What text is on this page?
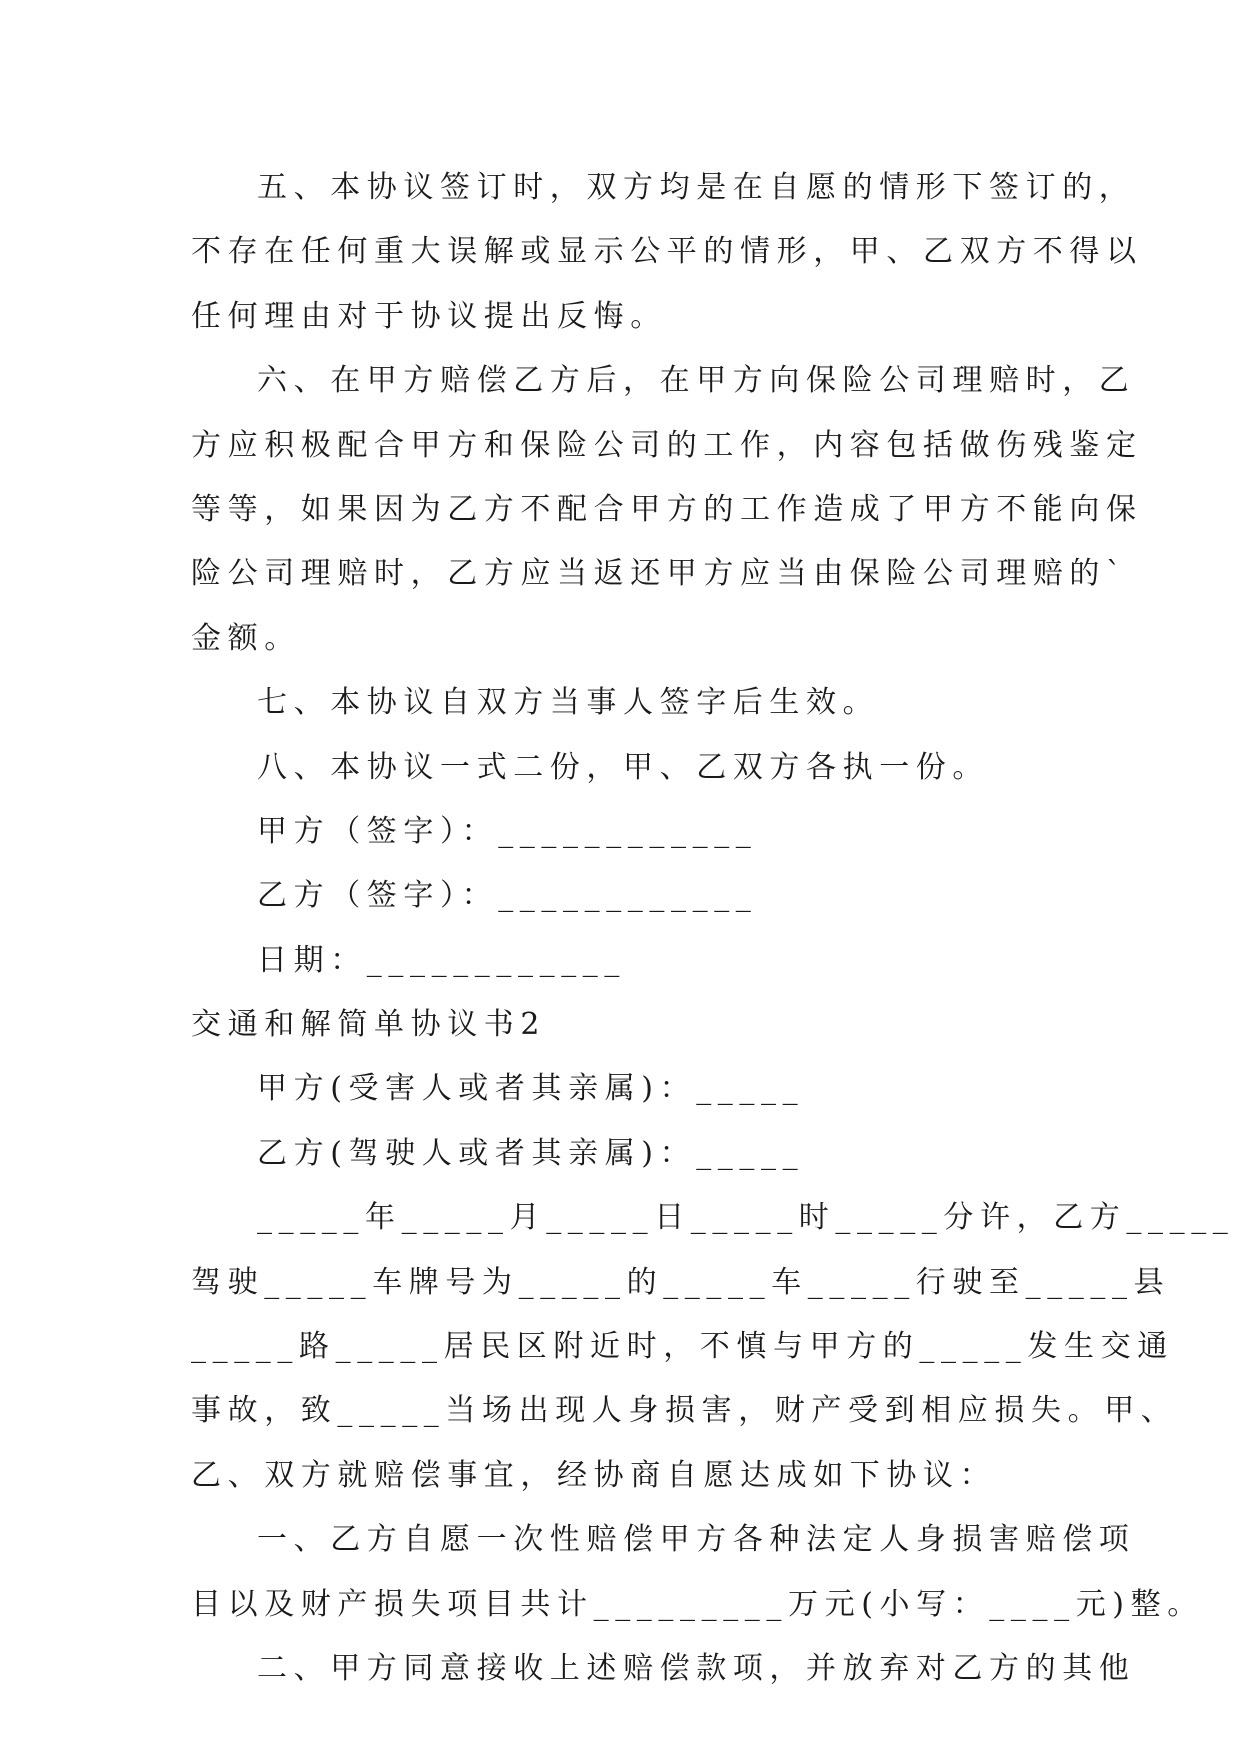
五、本协议签订时，双方均是在自愿的情形下签订的，
不存在任何重大误解或显示公平的情形，甲、乙双方不得以
任何理由对于协议提出反悔。
六、在甲方赔偿乙方后，在甲方向保险公司理赔时，乙
方应积极配合甲方和保险公司的工作，内容包括做伤残鉴定
等等，如果因为乙方不配合甲方的工作造成了甲方不能向保
险公司理赔时，乙方应当返还甲方应当由保险公司理赔的`
金额。
七、本协议自双方当事人签字后生效。
八、本协议一式二份，甲、乙双方各执一份。
甲方（签字）：____________
乙方（签字）：____________
日期：____________
交通和解简单协议书2
甲方(受害人或者其亲属)：_____
乙方(驾驶人或者其亲属)：_____
_____年_____月_____日_____时_____分许，乙方_____
驾驶_____车牌号为_____的_____车_____行驶至_____县
_____路_____居民区附近时，不慎与甲方的_____发生交通
事故，致_____当场出现人身损害，财产受到相应损失。甲、
乙、双方就赔偿事宜，经协商自愿达成如下协议：
一、乙方自愿一次性赔偿甲方各种法定人身损害赔偿项
目以及财产损失项目共计_________万元(小写：____元)整。
二、甲方同意接收上述赔偿款项，并放弃对乙方的其他
